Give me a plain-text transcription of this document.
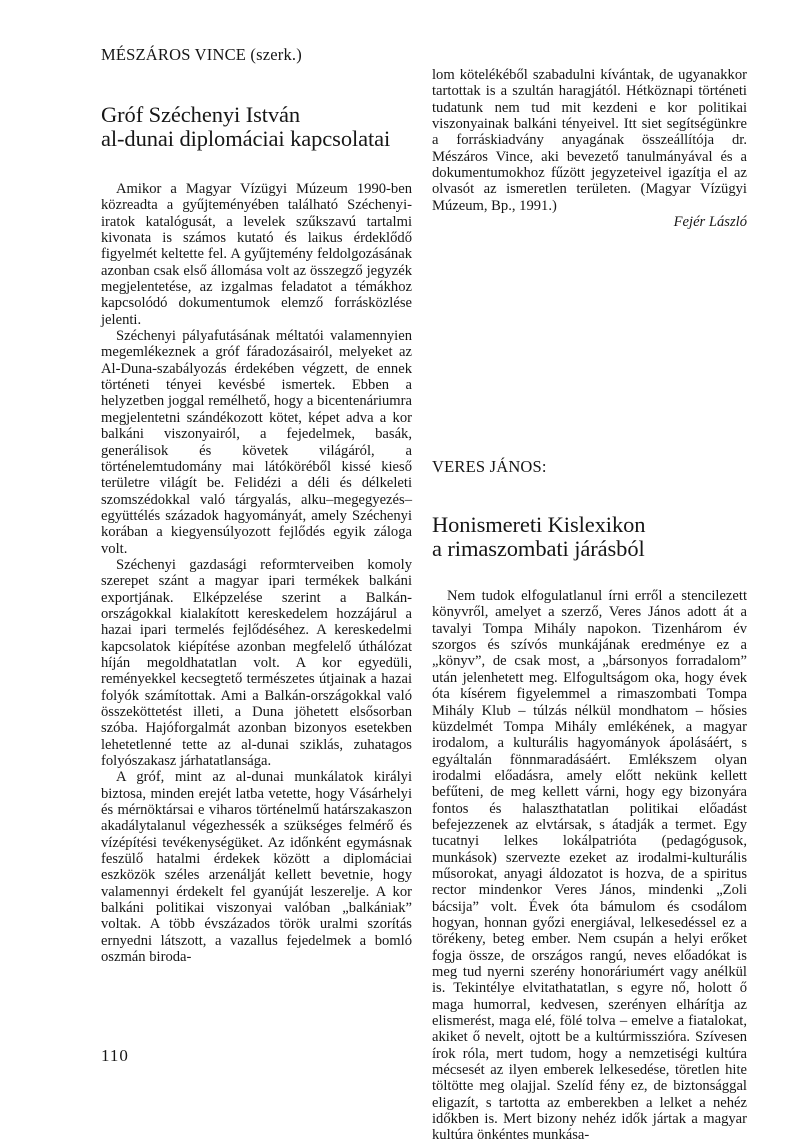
MÉSZÁROS VINCE (szerk.)
Gróf Széchenyi István
al-dunai diplomáciai kapcsolatai

Amikor a Magyar Vízügyi Múzeum 1990-ben közreadta a gyűjteményében található Széchenyi-iratok katalógusát, a levelek szűkszavú tartalmi kivonata is számos kutató és laikus érdeklődő figyelmét keltette fel. A gyűjtemény feldolgozásának azonban csak első állomása volt az összegző jegyzék megjelentetése, az izgalmas feladatot a témákhoz kapcsolódó dokumentumok elemző forrásközlése jelenti.

Széchenyi pályafutásának méltatói valamennyien megemlékeznek a gróf fáradozásairól, melyeket az Al-Duna-szabályozás érdekében végzett, de ennek történeti tényei kevésbé ismertek. Ebben a helyzetben joggal remélhető, hogy a bicentenáriumra megjelentetni szándékozott kötet, képet adva a kor balkáni viszonyairól, a fejedelmek, basák, generálisok és követek világáról, a történelemtudomány mai látóköréből kissé kieső területre világít be. Felidézi a déli és délkeleti szomszédokkal való tárgyalás, alku–megegyezés–együttélés századok hagyományát, amely Széchenyi korában a kiegyensúlyozott fejlődés egyik záloga volt.

Széchenyi gazdasági reformterveiben komoly szerepet szánt a magyar ipari termékek balkáni exportjának. Elképzelése szerint a Balkán-országokkal kialakított kereskedelem hozzájárul a hazai ipari termelés fejlődéséhez. A kereskedelmi kapcsolatok kiépítése azonban megfelelő úthálózat híján megoldhatatlan volt. A kor egyedüli, reményekkel kecsegtető természetes útjainak a hazai folyók számítottak. Ami a Balkán-országokkal való összeköttetést illeti, a Duna jöhetett elsősorban szóba. Hajóforgalmát azonban bizonyos esetekben lehetetlenné tette az al-dunai sziklás, zuhatagos folyószakasz járhatatlansága.

A gróf, mint az al-dunai munkálatok királyi biztosa, minden erejét latba vetette, hogy Vásárhelyi és mérnöktársai e viharos történelmű határszakaszon akadálytalanul végezhessék a szükséges felmérő és vízépítési tevékenységüket. Az időnként egymásnak feszülő hatalmi érdekek között a diplomáciai eszközök széles arzenálját kellett bevetnie, hogy valamennyi érdekelt fel gyanúját leszerelje. A kor balkáni politikai viszonyai valóban „balkániak” voltak. A több évszázados török uralmi szorítás ernyedni látszott, a vazallus fejedelmek a bomló oszmán biroda-

lom kötelékéből szabadulni kívántak, de ugyanakkor tartottak is a szultán haragjától. Hétköznapi történeti tudatunk nem tud mit kezdeni e kor politikai viszonyainak balkáni tényeivel. Itt siet segítségünkre a forráskiadvány anyagának összeállítója dr. Mészáros Vince, aki bevezető tanulmányával és a dokumentumokhoz fűzött jegyzeteivel igazítja el az olvasót az ismeretlen területen. (Magyar Vízügyi Múzeum, Bp., 1991.)

Fejér László

VERES JÁNOS:
Honismereti Kislexikon
a rimaszombati járásból

Nem tudok elfogulatlanul írni erről a stencilezett könyvről, amelyet a szerző, Veres János adott át a tavalyi Tompa Mihály napokon. Tizenhárom év szorgos és szívós munkájának eredménye ez a „könyv”, de csak most, a „bársonyos forradalom” után jelenhetett meg. Elfogultságom oka, hogy évek óta kísérem figyelemmel a rimaszombati Tompa Mihály Klub – túlzás nélkül mondhatom – hősies küzdelmét Tompa Mihály emlékének, a magyar irodalom, a kulturális hagyományok ápolásáért, s egyáltalán fönnmaradásáért. Emlékszem olyan irodalmi előadásra, amely előtt nekünk kellett befűteni, de meg kellett várni, hogy egy bizonyára fontos és halaszthatatlan politikai előadást befejezzenek az elvtársak, s átadják a termet. Egy tucatnyi lelkes lokálpatrióta (pedagógusok, munkások) szervezte ezeket az irodalmi-kulturális műsorokat, anyagi áldozatot is hozva, de a spiritus rector mindenkor Veres János, mindenki „Zoli bácsija” volt. Évek óta bámulom és csodálom hogyan, honnan győzi energiával, lelkesedéssel ez a törékeny, beteg ember. Nem csupán a helyi erőket fogja össze, de országos rangú, neves előadókat is meg tud nyerni szerény honoráriumért vagy anélkül is. Tekintélye elvitathatatlan, s egyre nő, holott ő maga humorral, kedvesen, szerényen elhárítja az elismerést, maga elé, fölé tolva – emelve a fiatalokat, akiket ő nevelt, ojtott be a kultúrmisszióra. Szívesen írok róla, mert tudom, hogy a nemzetiségi kultúra mécsesét az ilyen emberek lelkesedése, töretlen hite töltötte meg olajjal. Szelíd fény ez, de biztonsággal eligazít, s tartotta az emberekben a lelket a nehéz időkben is. Mert bizony nehéz idők jártak a magyar kultúra önkéntes munkása-

110
